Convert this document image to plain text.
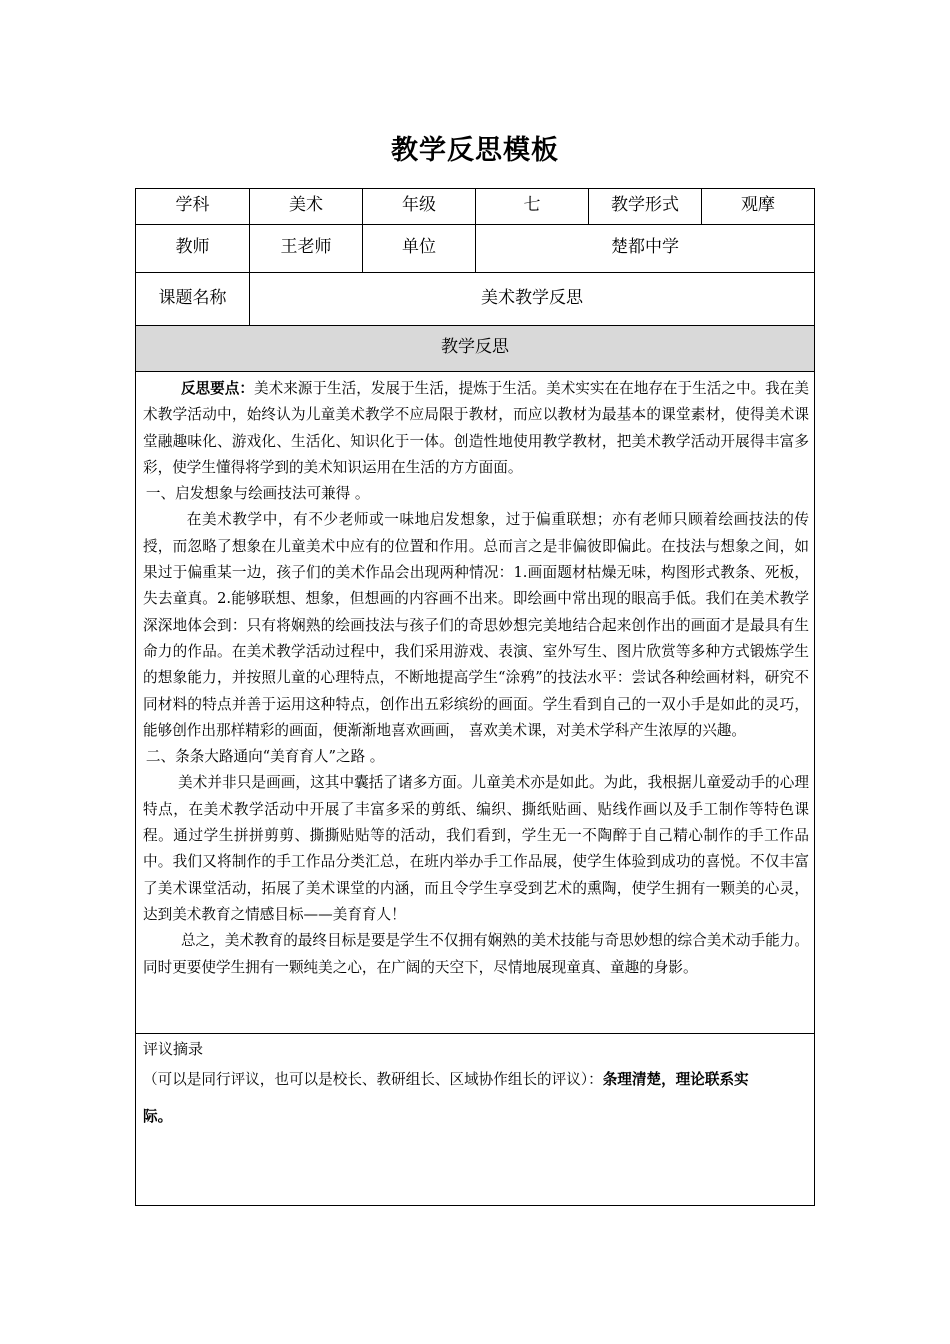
教学反思模板
学科	美术	年级	七	教学形式	观摩
教师	王老师	单位	楚都中学
课题名称	美术教学反思
教学反思

反思要点：美术来源于生活，发展于生活，提炼于生活。美术实实在在地存在于生活之中。我在美术教学活动中，始终认为儿童美术教学不应局限于教材，而应以教材为最基本的课堂素材，使得美术课堂融趣味化、游戏化、生活化、知识化于一体。创造性地使用教学教材，把美术教学活动开展得丰富多彩，使学生懂得将学到的美术知识运用在生活的方方面面。

一、启发想象与绘画技法可兼得 。

在美术教学中，有不少老师或一味地启发想象，过于偏重联想；亦有老师只顾着绘画技法的传授，而忽略了想象在儿童美术中应有的位置和作用。总而言之是非偏彼即偏此。在技法与想象之间，如果过于偏重某一边，孩子们的美术作品会出现两种情况：1.画面题材枯燥无味，构图形式教条、死板，失去童真。2.能够联想、想象，但想画的内容画不出来。即绘画中常出现的眼高手低。我们在美术教学深深地体会到：只有将娴熟的绘画技法与孩子们的奇思妙想完美地结合起来创作出的画面才是最具有生命力的作品。在美术教学活动过程中，我们采用游戏、表演、室外写生、图片欣赏等多种方式锻炼学生的想象能力，并按照儿童的心理特点，不断地提高学生“涂鸦”的技法水平：尝试各种绘画材料，研究不同材料的特点并善于运用这种特点，创作出五彩缤纷的画面。学生看到自己的一双小手是如此的灵巧，能够创作出那样精彩的画面，便渐渐地喜欢画画， 喜欢美术课，对美术学科产生浓厚的兴趣。

二、条条大路通向“美育育人”之路 。

美术并非只是画画，这其中囊括了诸多方面。儿童美术亦是如此。为此，我根据儿童爱动手的心理特点，在美术教学活动中开展了丰富多采的剪纸、编织、撕纸贴画、贴线作画以及手工制作等特色课程。通过学生拼拼剪剪、撕撕贴贴等的活动，我们看到，学生无一不陶醉于自己精心制作的手工作品中。我们又将制作的手工作品分类汇总，在班内举办手工作品展，使学生体验到成功的喜悦。不仅丰富了美术课堂活动，拓展了美术课堂的内涵，而且令学生享受到艺术的熏陶，使学生拥有一颗美的心灵，达到美术教育之情感目标——美育育人！

总之，美术教育的最终目标是要是学生不仅拥有娴熟的美术技能与奇思妙想的综合美术动手能力。同时更要使学生拥有一颗纯美之心，在广阔的天空下，尽情地展现童真、童趣的身影。

评议摘录
（可以是同行评议，也可以是校长、教研组长、区域协作组长的评议）：条理清楚，理论联系实
际。
